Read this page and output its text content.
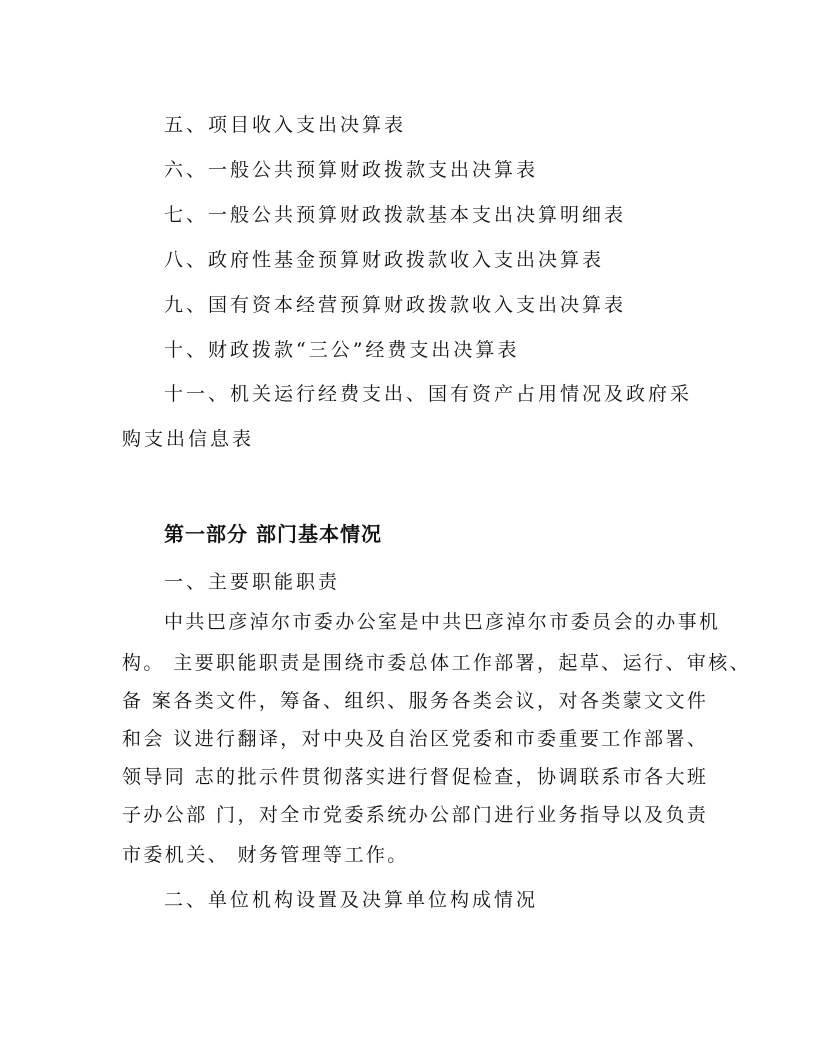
五、项目收入支出决算表
六、一般公共预算财政拨款支出决算表
七、一般公共预算财政拨款基本支出决算明细表
八、政府性基金预算财政拨款收入支出决算表
九、国有资本经营预算财政拨款收入支出决算表
十、财政拨款“三公”经费支出决算表
十一、机关运行经费支出、国有资产占用情况及政府采购支出信息表
第一部分 部门基本情况
一、主要职能职责
中共巴彦淖尔市委办公室是中共巴彦淖尔市委员会的办事机
构。 主要职能职责是围绕市委总体工作部署，起草、运行、审核、
备 案各类文件，筹备、组织、服务各类会议，对各类蒙文文件
和会 议进行翻译，对中央及自治区党委和市委重要工作部署、
领导同 志的批示件贯彻落实进行督促检查，协调联系市各大班
子办公部 门，对全市党委系统办公部门进行业务指导以及负责
市委机关、 财务管理等工作。
二、单位机构设置及决算单位构成情况
